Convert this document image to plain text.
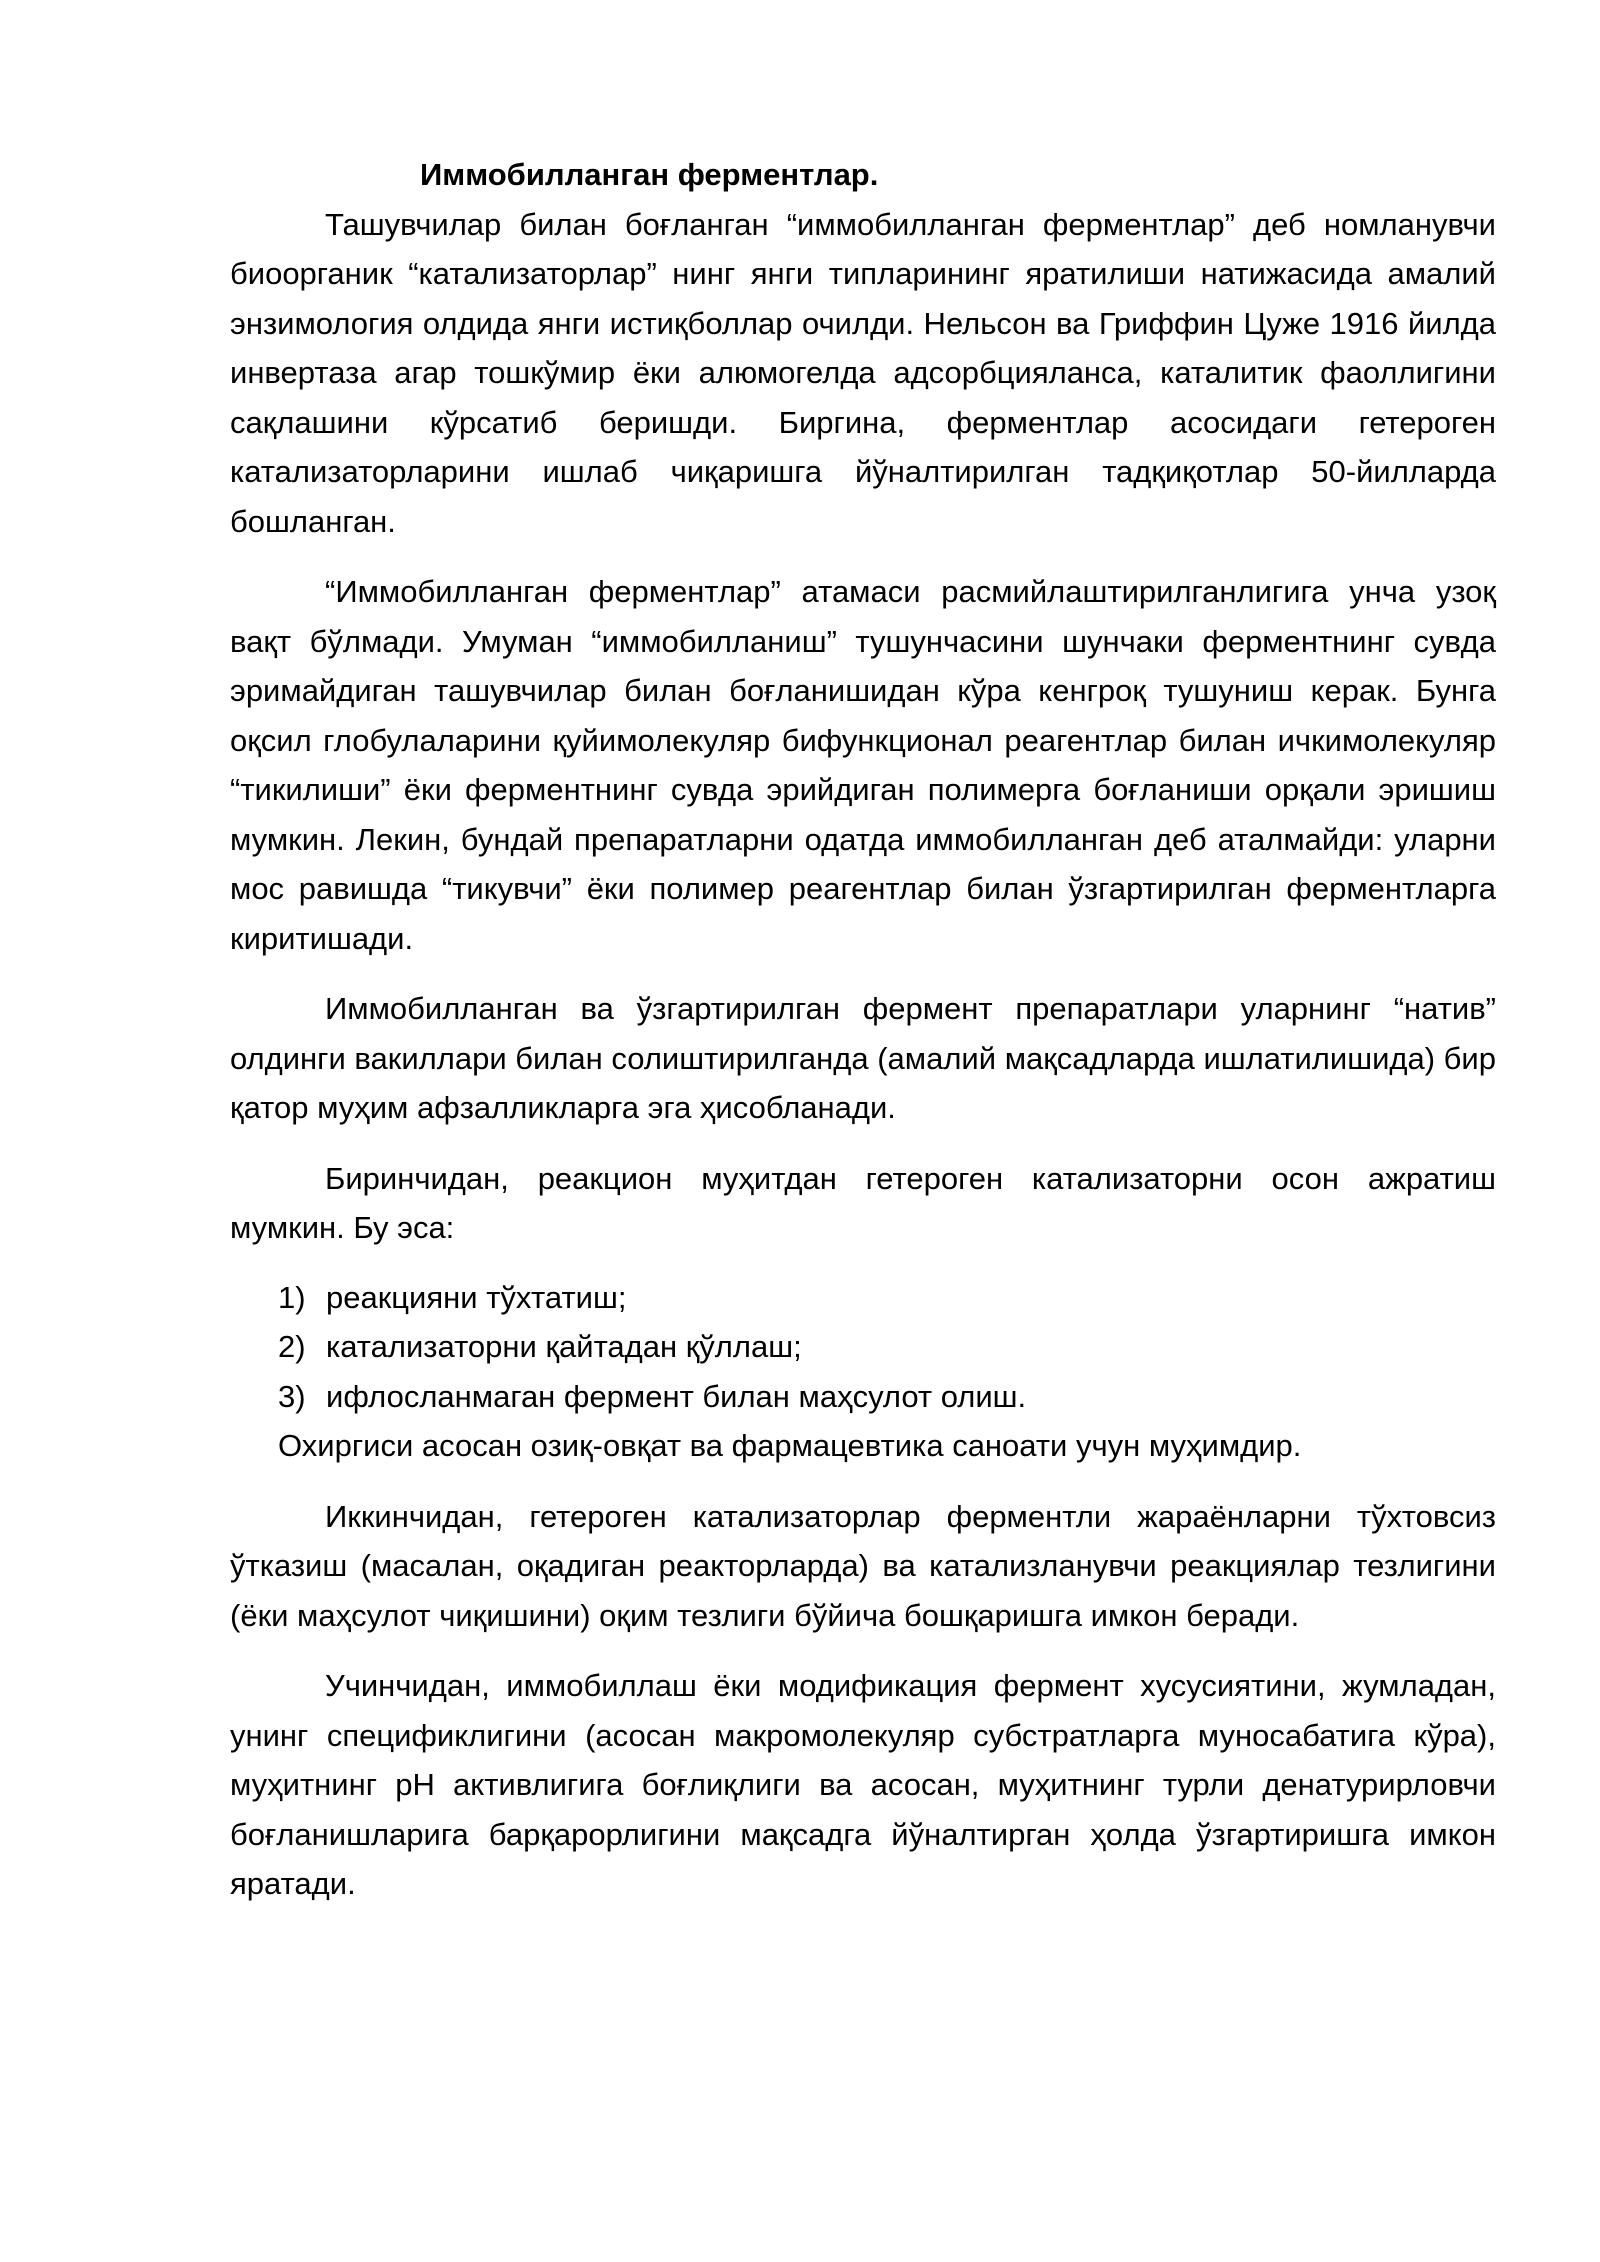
Иммобилланган ферментлар.

Ташувчилар билан боғланган “иммобилланган ферментлар” деб номланувчи биоорганик “катализаторлар” нинг янги типларининг яратилиши натижасида амалий энзимология олдида янги истиқболлар очилди. Нельсон ва Гриффин Цуже 1916 йилда инвертаза агар тошкўмир ёки алюмогелда адсорбцияланса, каталитик фаоллигини сақлашини кўрсатиб беришди. Биргина, ферментлар асосидаги гетероген катализаторларини ишлаб чиқаришга йўналтирилган тадқиқотлар 50-йилларда бошланган.

“Иммобилланган ферментлар” атамаси расмийлаштирилганлигига унча узоқ вақт бўлмади. Умуман “иммобилланиш” тушунчасини шунчаки ферментнинг сувда эримайдиган ташувчилар билан боғланишидан кўра кенгроқ тушуниш керак. Бунга оқсил глобулаларини қуйимолекуляр бифункционал реагентлар билан ичкимолекуляр “тикилиши” ёки ферментнинг сувда эрийдиган полимерга боғланиши орқали эришиш мумкин. Лекин, бундай препаратларни одатда иммобилланган деб аталмайди: уларни мос равишда “тикувчи” ёки полимер реагентлар билан ўзгартирилган ферментларга киритишади.

Иммобилланган ва ўзгартирилган фермент препаратлари уларнинг “натив” олдинги вакиллари билан солиштирилганда (амалий мақсадларда ишлатилишида) бир қатор муҳим афзалликларга эга ҳисобланади.

Биринчидан, реакцион муҳитдан гетероген катализаторни осон ажратиш мумкин. Бу эса:

1) реакцияни тўхтатиш;
2) катализаторни қайтадан қўллаш;
3) ифлосланмаган фермент билан маҳсулот олиш.

Охиргиси асосан озиқ-овқат ва фармацевтика саноати учун муҳимдир.

Иккинчидан, гетероген катализаторлар ферментли жараёнларни тўхтовсиз ўтказиш (масалан, оқадиган реакторларда) ва катализланувчи реакциялар тезлигини (ёки маҳсулот чиқишини) оқим тезлиги бўйича бошқаришга имкон беради.

Учинчидан, иммобиллаш ёки модификация фермент хусусиятини, жумладан, унинг спецификлигини (асосан макромолекуляр субстратларга муносабатига кўра), муҳитнинг pH активлигига боғлиқлиги ва асосан, муҳитнинг турли денатурирловчи боғланишларига барқарорлигини мақсадга йўналтирган ҳолда ўзгартиришга имкон яратади.
